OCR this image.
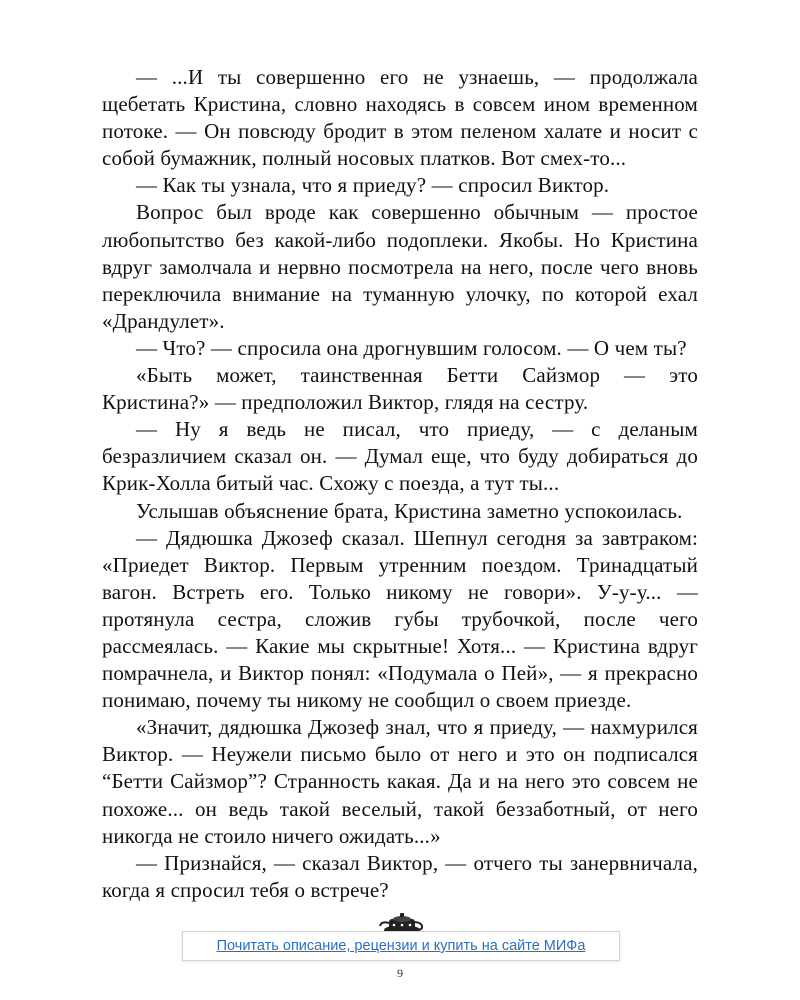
— ...И ты совершенно его не узнаешь, — продолжала щебетать Кристина, словно находясь в совсем ином временном потоке. — Он повсюду бродит в этом пеленом халате и носит с собой бумажник, полный носовых платков. Вот смех-то...

— Как ты узнала, что я приеду? — спросил Виктор.

Вопрос был вроде как совершенно обычным — простое любопытство без какой-либо подоплеки. Якобы. Но Кристина вдруг замолчала и нервно посмотрела на него, после чего вновь переключила внимание на туманную улочку, по которой ехал «Драндулет».

— Что? — спросила она дрогнувшим голосом. — О чем ты?

«Быть может, таинственная Бетти Сайзмор — это Кристина?» — предположил Виктор, глядя на сестру.

— Ну я ведь не писал, что приеду, — с деланым безразличием сказал он. — Думал еще, что буду добираться до Крик-Холла битый час. Схожу с поезда, а тут ты...

Услышав объяснение брата, Кристина заметно успокоилась.

— Дядюшка Джозеф сказал. Шепнул сегодня за завтраком: «Приедет Виктор. Первым утренним поездом. Тринадцатый вагон. Встреть его. Только никому не говори». У-у-у... — протянула сестра, сложив губы трубочкой, после чего рассмеялась. — Какие мы скрытные! Хотя... — Кристина вдруг помрачнела, и Виктор понял: «Подумала о Пей», — я прекрасно понимаю, почему ты никому не сообщил о своем приезде.

«Значит, дядюшка Джозеф знал, что я приеду, — нахмурился Виктор. — Неужели письмо было от него и это он подписался “Бетти Сайзмор”? Странность какая. Да и на него это совсем не похоже... он ведь такой веселый, такой беззаботный, от него никогда не стоило ничего ожидать...»

— Признайся, — сказал Виктор, — отчего ты занервничала, когда я спросил тебя о встрече?

Почитать описание, рецензии и купить на сайте МИФа
9
